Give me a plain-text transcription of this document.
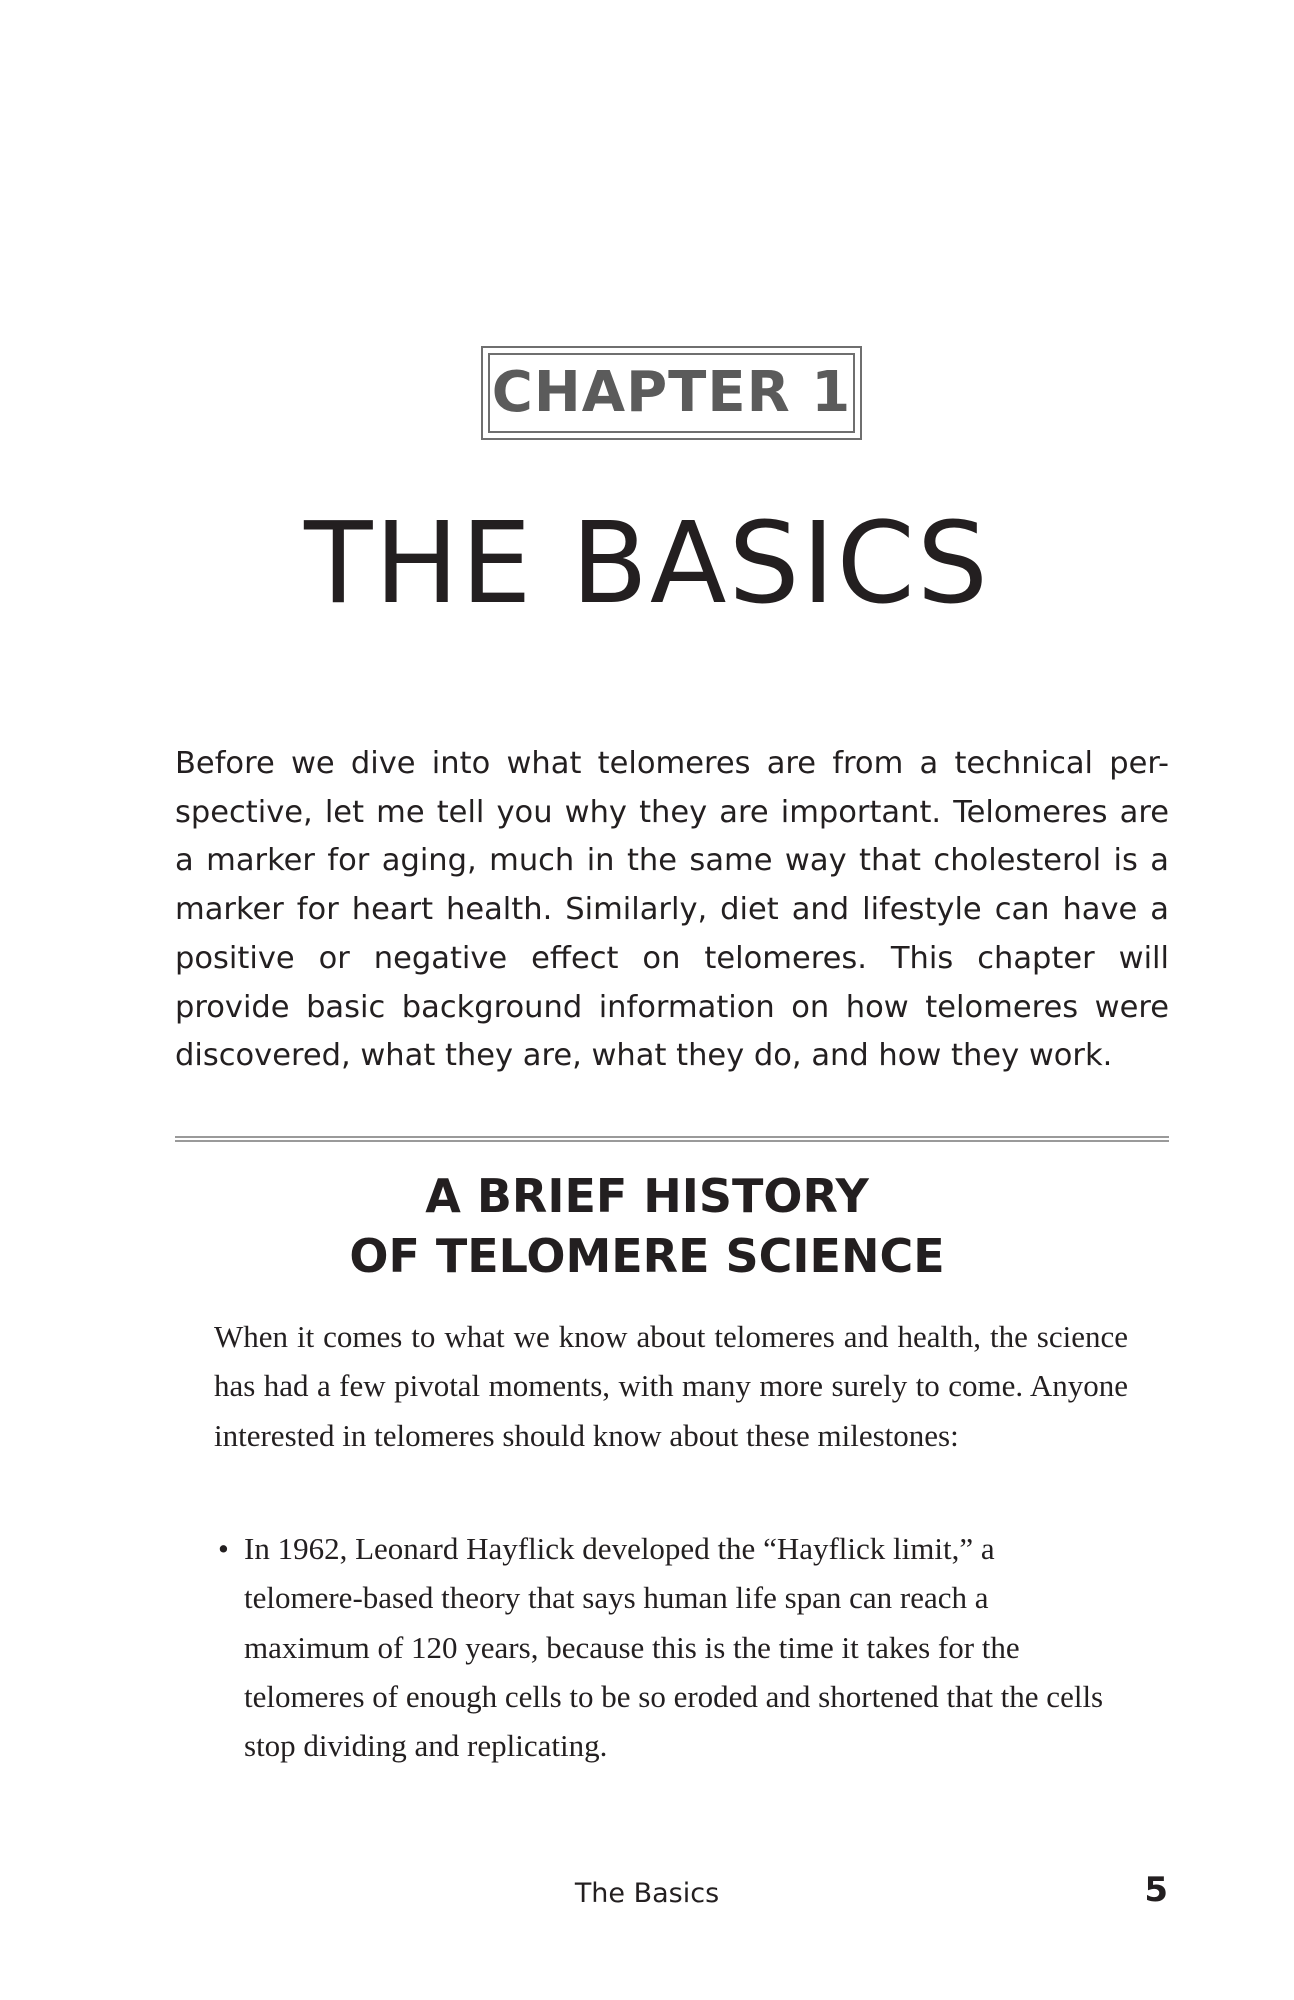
CHAPTER 1
THE BASICS

Before we dive into what telomeres are from a technical per-spective, let me tell you why they are important. Telomeres are a marker for aging, much in the same way that cholesterol is a marker for heart health. Similarly, diet and lifestyle can have a positive or negative effect on telomeres. This chapter will provide basic background information on how telomeres were discovered, what they are, what they do, and how they work.

A BRIEF HISTORY
OF TELOMERE SCIENCE

When it comes to what we know about telomeres and health, the science has had a few pivotal moments, with many more surely to come. Anyone interested in telomeres should know about these milestones:

• In 1962, Leonard Hayflick developed the “Hayflick limit,” a telomere-based theory that says human life span can reach a maximum of 120 years, because this is the time it takes for the telomeres of enough cells to be so eroded and shortened that the cells stop dividing and replicating.
The Basics	5
